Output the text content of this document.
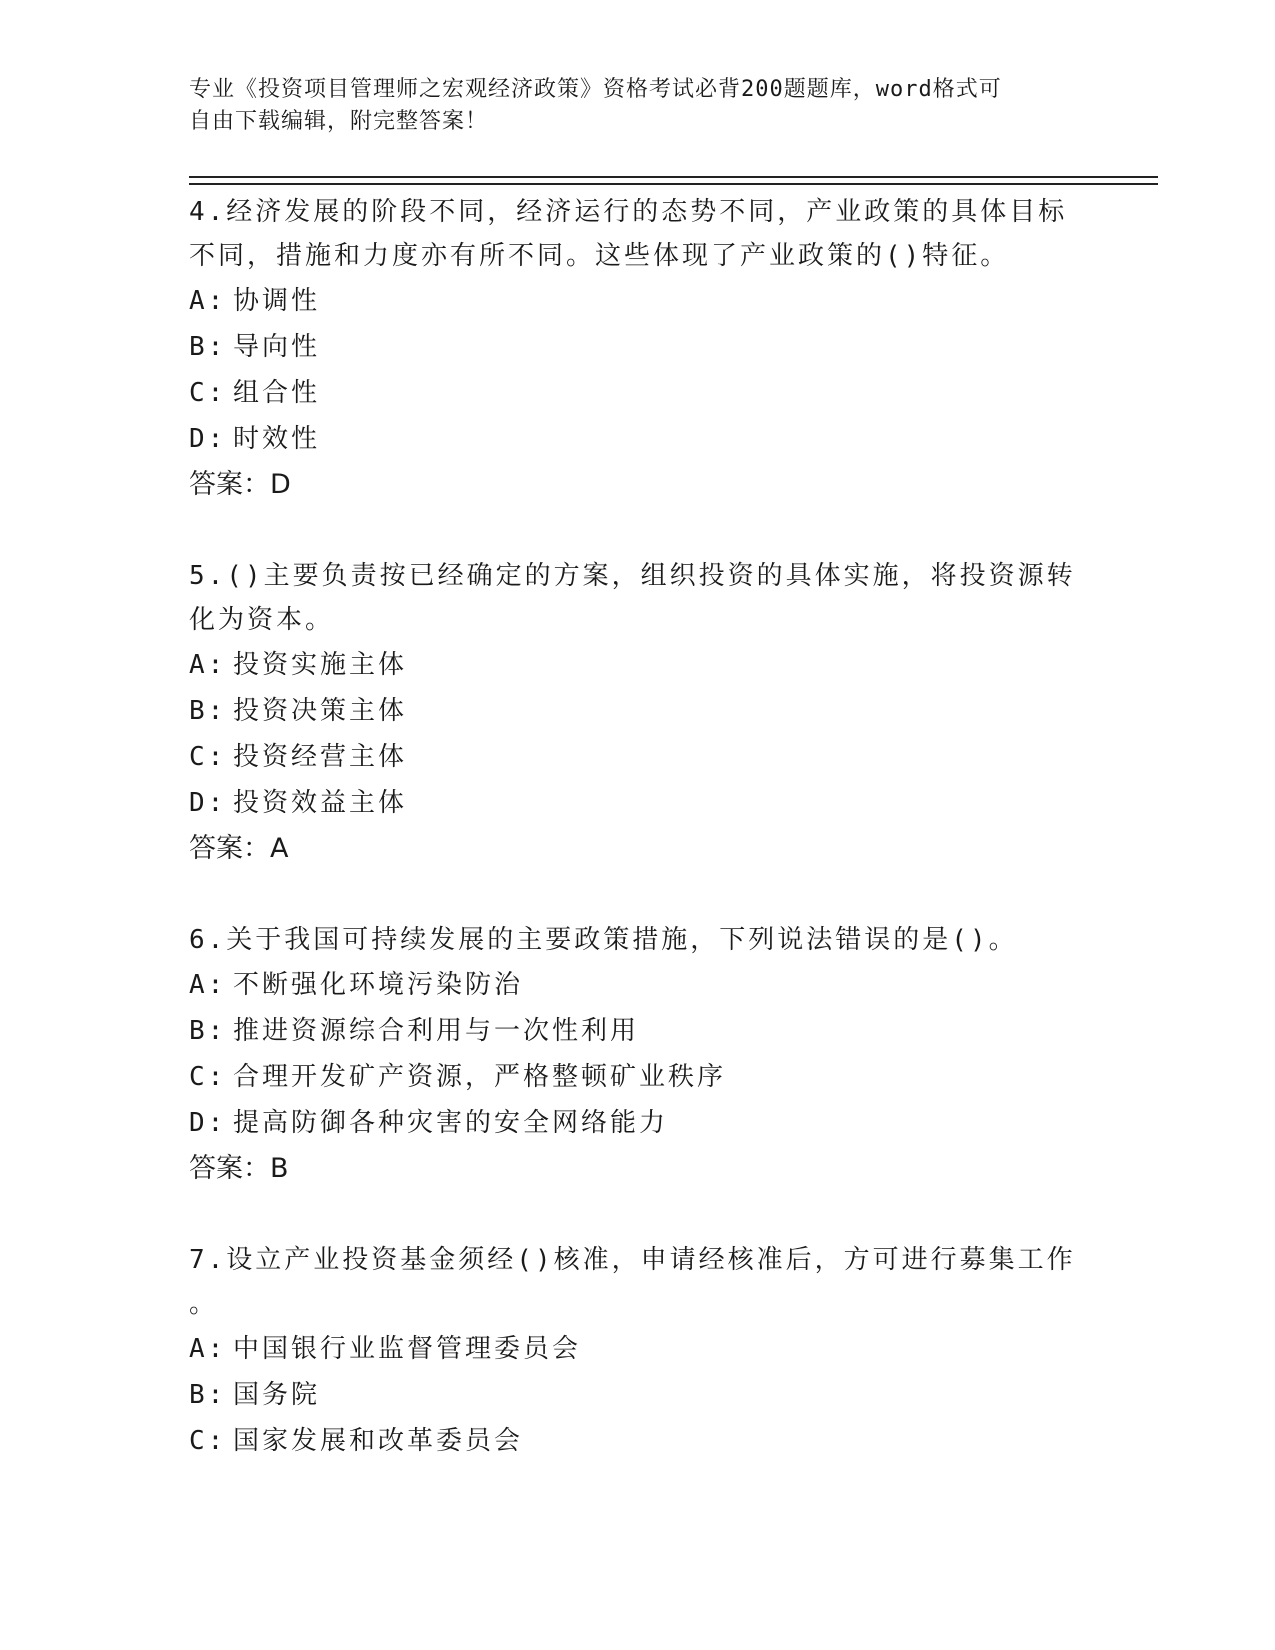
专业《投资项目管理师之宏观经济政策》资格考试必背200题题库，word格式可
自由下载编辑，附完整答案！
4.经济发展的阶段不同，经济运行的态势不同，产业政策的具体目标
不同，措施和力度亦有所不同。这些体现了产业政策的()特征。
A: 协调性
B: 导向性
C: 组合性
D: 时效性
答案：D
5.()主要负责按已经确定的方案，组织投资的具体实施，将投资源转
化为资本。
A: 投资实施主体
B: 投资决策主体
C: 投资经营主体
D: 投资效益主体
答案：A
6.关于我国可持续发展的主要政策措施，下列说法错误的是()。
A: 不断强化环境污染防治
B: 推进资源综合利用与一次性利用
C: 合理开发矿产资源，严格整顿矿业秩序
D: 提高防御各种灾害的安全网络能力
答案：B
7.设立产业投资基金须经()核准，申请经核准后，方可进行募集工作
。
A: 中国银行业监督管理委员会
B: 国务院
C: 国家发展和改革委员会
